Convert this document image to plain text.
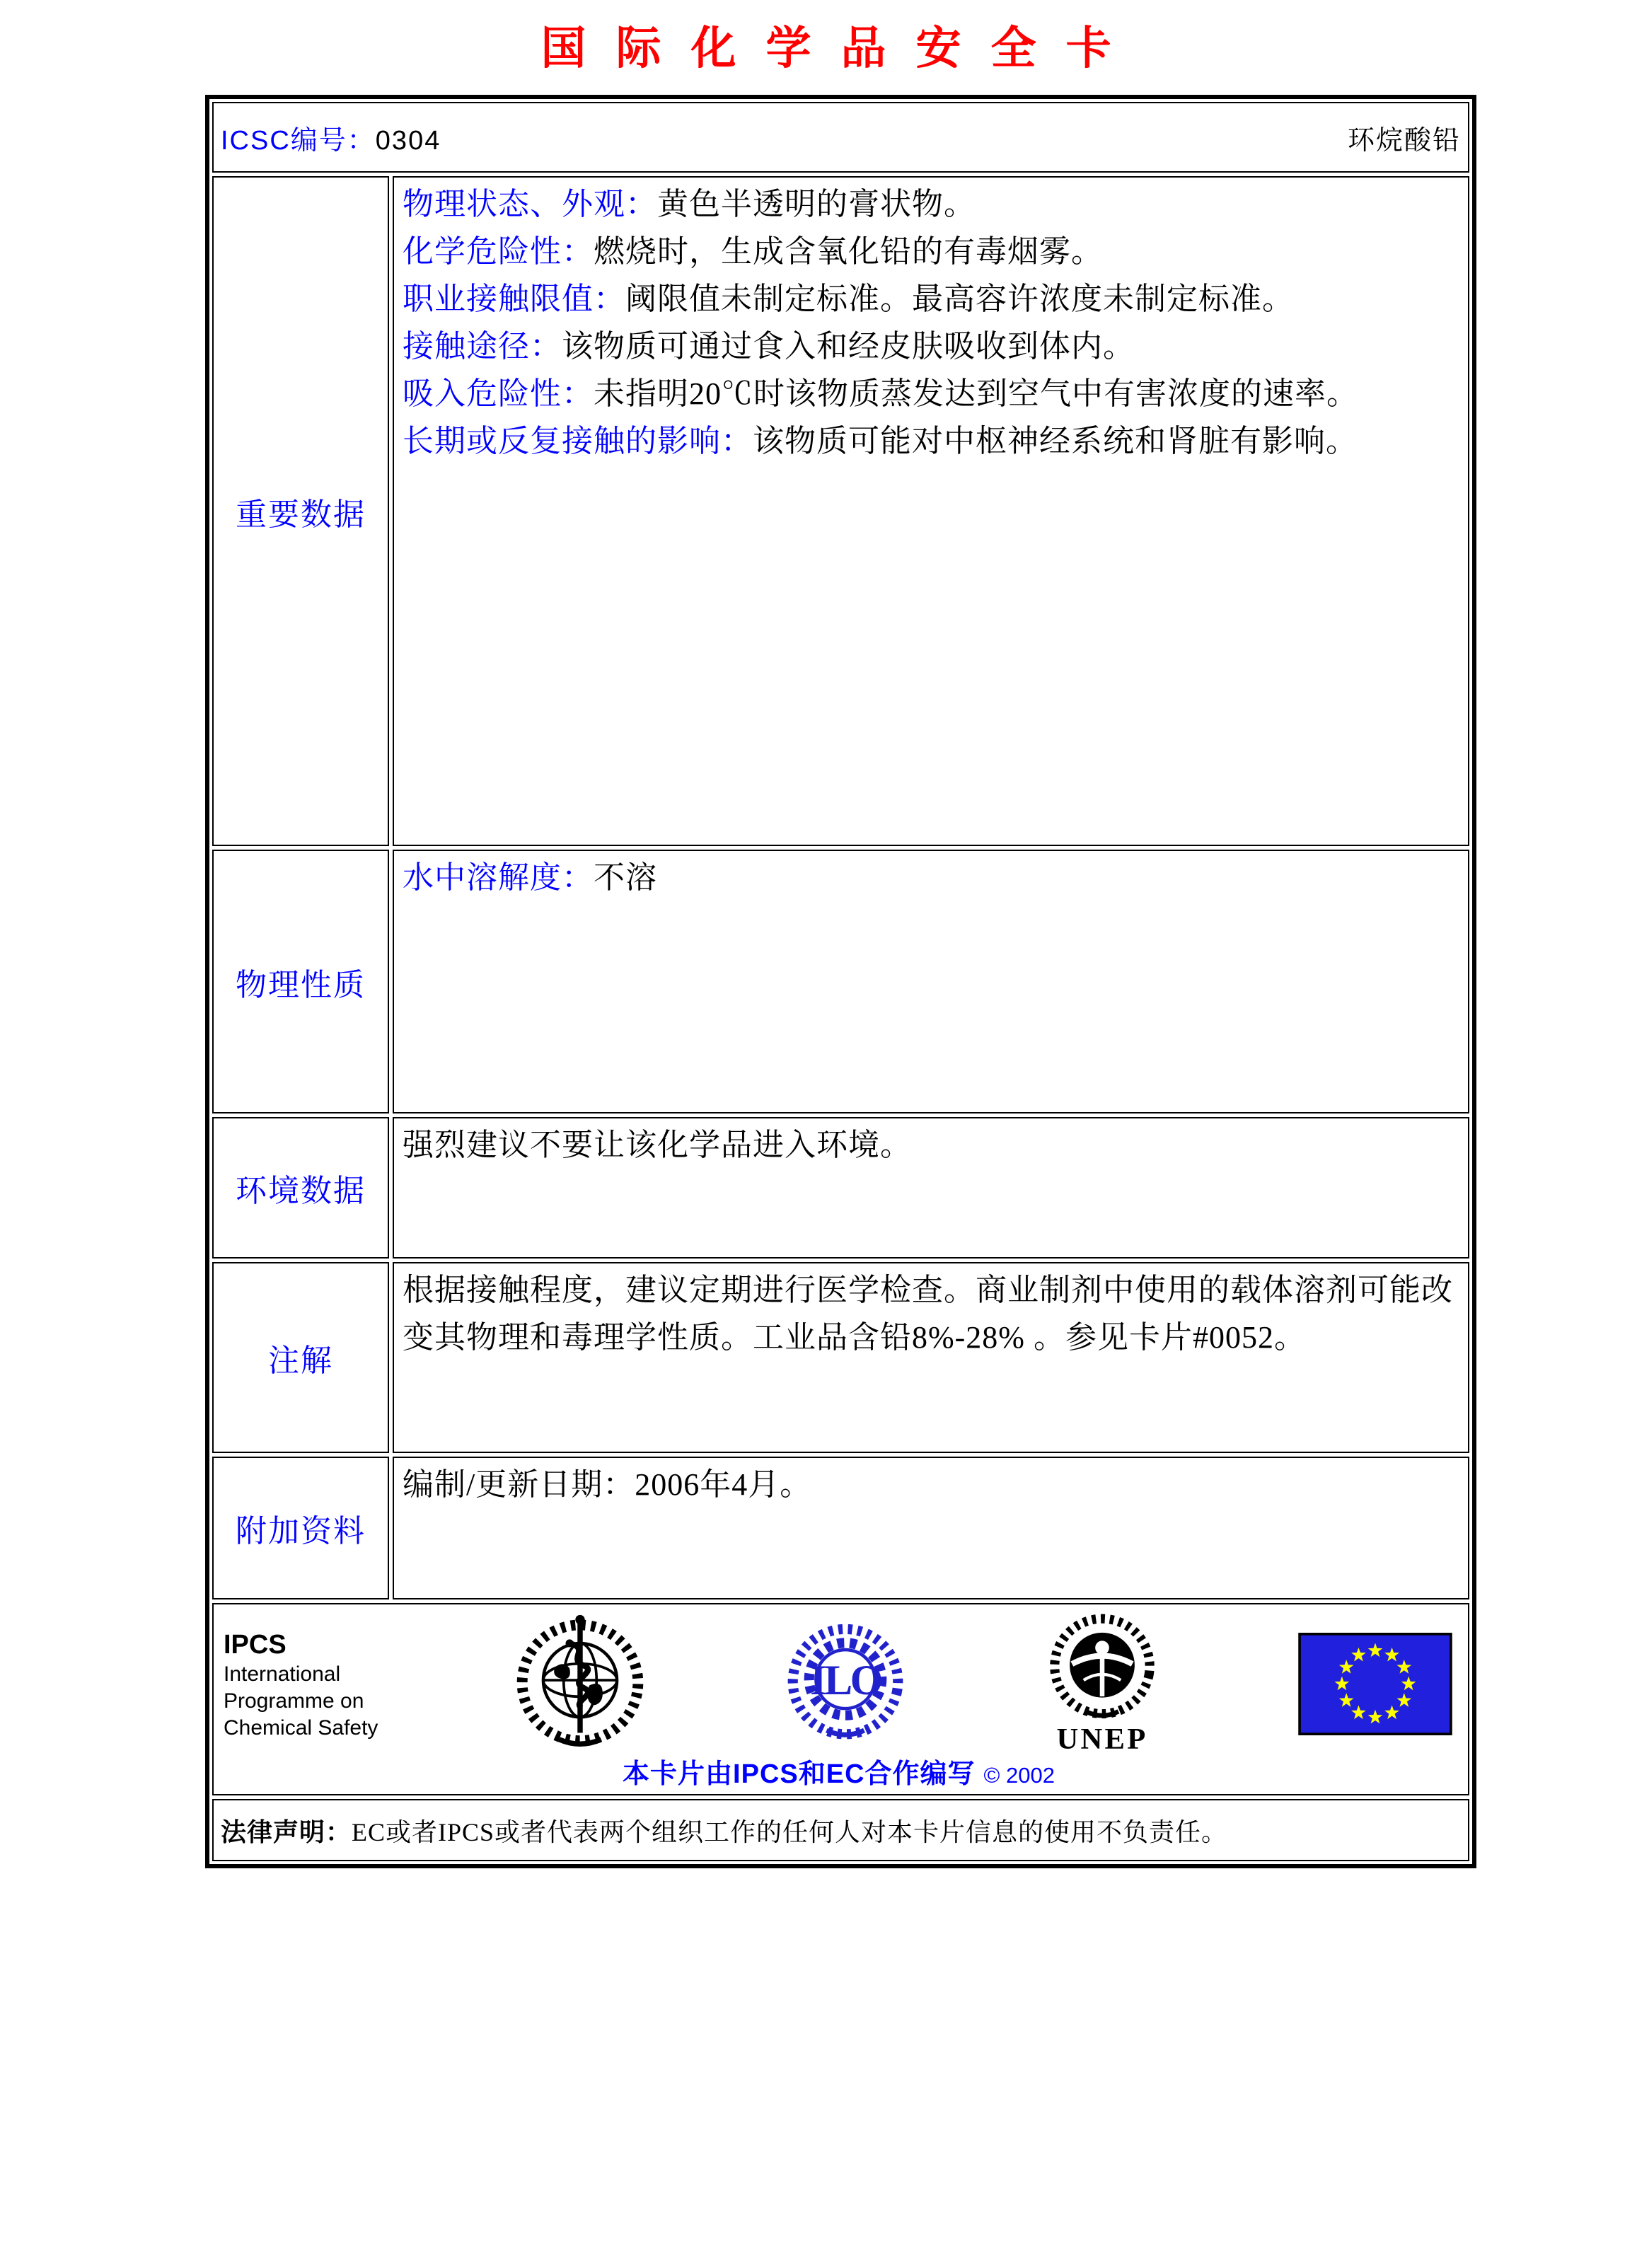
国际化学品安全卡
ICSC编号：0304	环烷酸铅
重要数据
物理状态、外观：黄色半透明的膏状物。
化学危险性：燃烧时，生成含氧化铅的有毒烟雾。
职业接触限值：阈限值未制定标准。最高容许浓度未制定标准。
接触途径：该物质可通过食入和经皮肤吸收到体内。
吸入危险性：未指明20℃时该物质蒸发达到空气中有害浓度的速率。
长期或反复接触的影响：该物质可能对中枢神经系统和肾脏有影响。
物理性质
水中溶解度：不溶
环境数据
强烈建议不要让该化学品进入环境。
注解
根据接触程度，建议定期进行医学检查。商业制剂中使用的载体溶剂可能改变其物理和毒理学性质。工业品含铅8%-28% 。参见卡片#0052。
附加资料
编制/更新日期：2006年4月。
IPCS
International
Programme on
Chemical Safety
ILO
UNEP
本卡片由IPCS和EC合作编写 © 2002
法律声明： EC或者IPCS或者代表两个组织工作的任何人对本卡片信息的使用不负责任。
